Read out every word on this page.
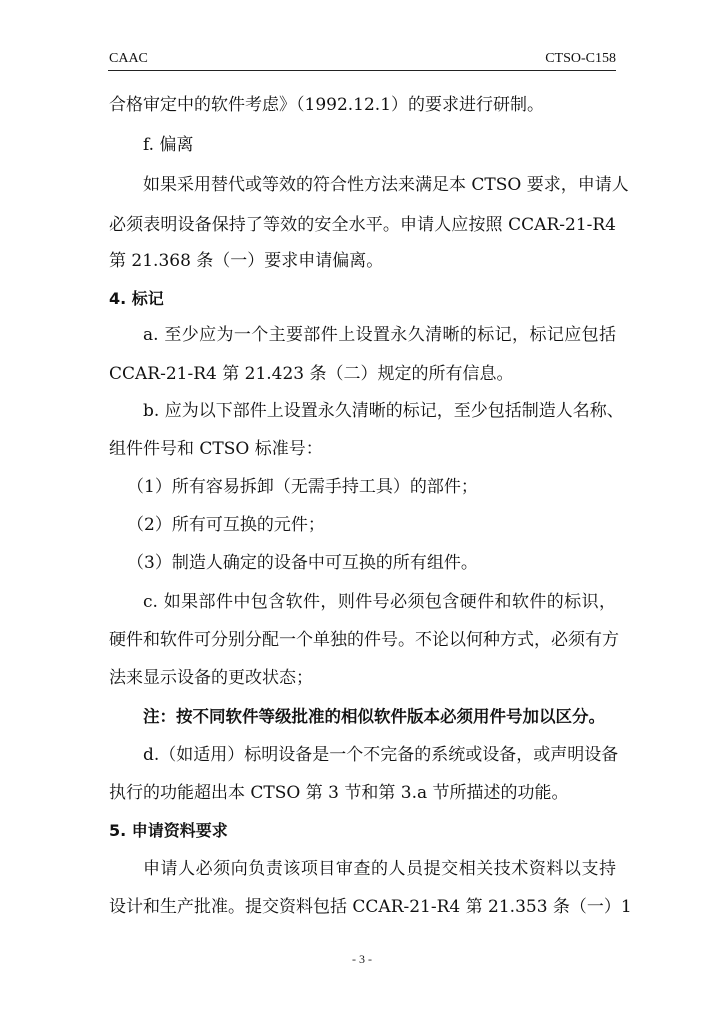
CAAC	CTSO-C158
合格审定中的软件考虑》（1992.12.1）的要求进行研制。
f. 偏离
如果采用替代或等效的符合性方法来满足本 CTSO 要求，申请人
必须表明设备保持了等效的安全水平。申请人应按照 CCAR-21-R4
第 21.368 条（一）要求申请偏离。
4. 标记
a. 至少应为一个主要部件上设置永久清晰的标记，标记应包括
CCAR-21-R4 第 21.423 条（二）规定的所有信息。
b. 应为以下部件上设置永久清晰的标记，至少包括制造人名称、
组件件号和 CTSO 标准号：
（1）所有容易拆卸（无需手持工具）的部件；
（2）所有可互换的元件；
（3）制造人确定的设备中可互换的所有组件。
c. 如果部件中包含软件，则件号必须包含硬件和软件的标识，
硬件和软件可分别分配一个单独的件号。不论以何种方式，必须有方
法来显示设备的更改状态；
注：按不同软件等级批准的相似软件版本必须用件号加以区分。
d.（如适用）标明设备是一个不完备的系统或设备，或声明设备
执行的功能超出本 CTSO 第 3 节和第 3.a 节所描述的功能。
5. 申请资料要求
申请人必须向负责该项目审查的人员提交相关技术资料以支持
设计和生产批准。提交资料包括 CCAR-21-R4 第 21.353 条（一）1
- 3 -
